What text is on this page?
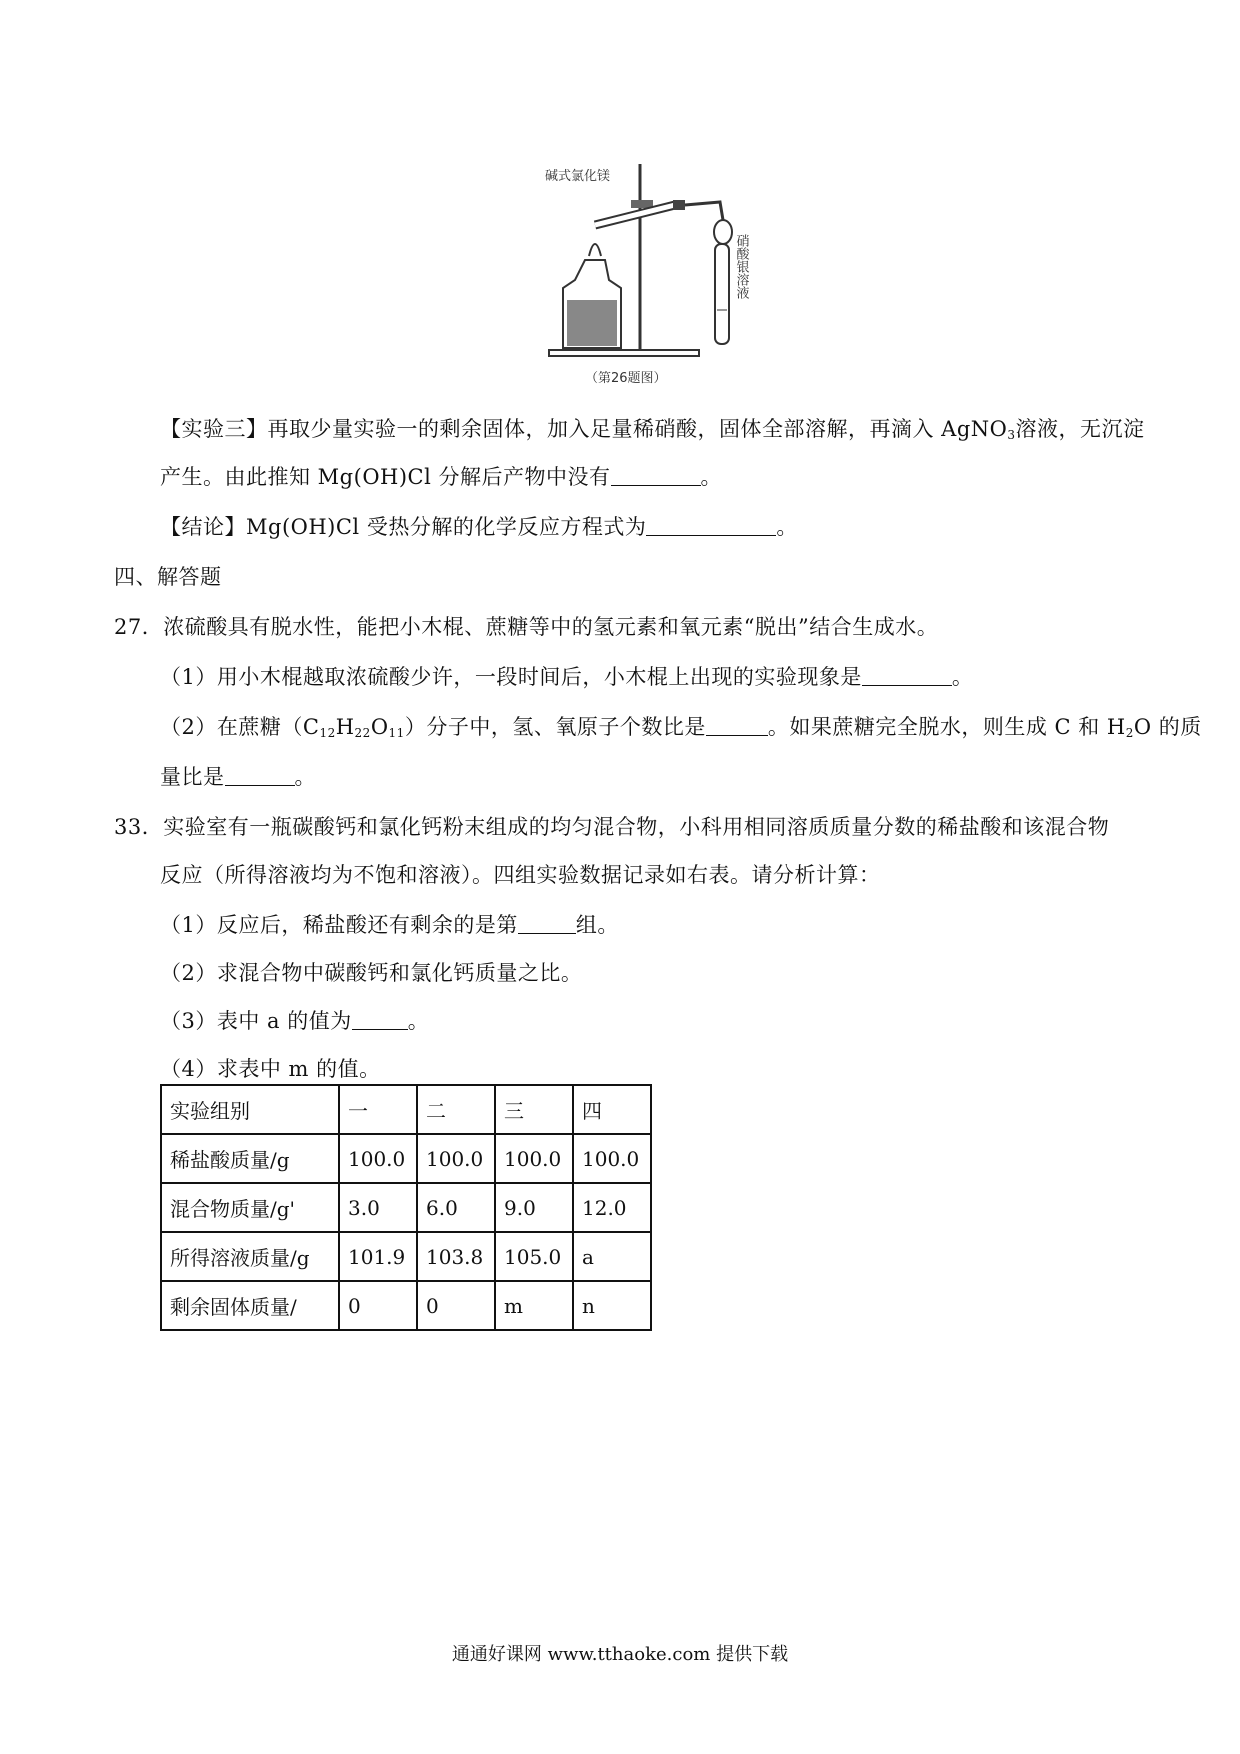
碱式氯化镁
硝酸银溶液
（第26题图）
【实验三】再取少量实验一的剩余固体，加入足量稀硝酸，固体全部溶解，再滴入 AgNO$_3$溶液，无沉淀
产生。由此推知 Mg(OH)Cl 分解后产物中没有	。
【结论】Mg(OH)Cl 受热分解的化学反应方程式为	。
四、解答题
27．浓硫酸具有脱水性，能把小木棍、蔗糖等中的氢元素和氧元素“脱出”结合生成水。
（1）用小木棍越取浓硫酸少许，一段时间后，小木棍上出现的实验现象是	。
（2）在蔗糖$(C_{12}H_{22}O_{11})$分子中，氢、氧原子个数比是	。如果蔗糖完全脱水，则生成 C 和 $H_2O$ 的质
量比是	。
33．实验室有一瓶碳酸钙和氯化钙粉末组成的均匀混合物，小科用相同溶质质量分数的稀盐酸和该混合物
反应（所得溶液均为不饱和溶液）。四组实验数据记录如右表。请分析计算：
（1）反应后，稀盐酸还有剩余的是第	组。
（2）求混合物中碳酸钙和氯化钙质量之比。
（3）表中 a 的值为	。
（4）求表中 m 的值。
实验组别	一	二	三	四
稀盐酸质量/g	100.0	100.0	100.0	100.0
混合物质量/g'	3.0	6.0	9.0	12.0
所得溶液质量/g	101.9	103.8	105.0	a
剩余固体质量/	0	0	m	n
通通好课网 www.tthaoke.com 提供下载
